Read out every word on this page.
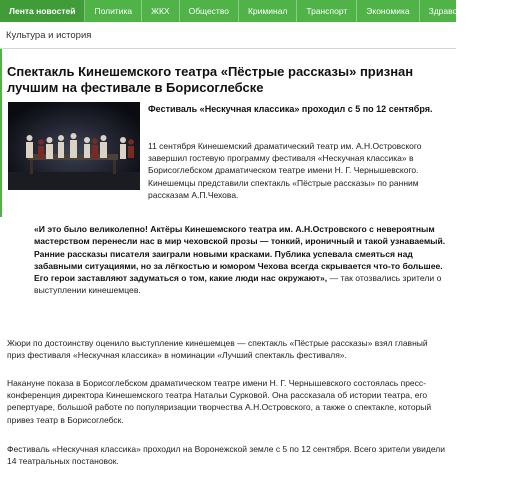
Лента новостей	Политика	ЖКХ	Общество	Криминал	Транспорт	Экономика	Здравоохранение
Культура и история
Спектакль Кинешемского театра «Пёстрые рассказы» признан лучшим на фестивале в Борисоглебске

Фестиваль «Нескучная классика» проходил с 5 по 12 сентября.

11 сентября Кинешемский драматический театр им. А.Н.Островского завершил гостевую программу фестиваля «Нескучная классика» в Борисоглебском драматическом театре имени Н. Г. Чернышевского. Кинешемцы представили спектакль «Пёстрые рассказы» по ранним рассказам А.П.Чехова.

«И это было великолепно! Актёры Кинешемского театра им. А.Н.Островского с невероятным мастерством перенесли нас в мир чеховской прозы — тонкий, ироничный и такой узнаваемый. Ранние рассказы писателя заиграли новыми красками. Публика успевала смеяться над забавными ситуациями, но за лёгкостью и юмором Чехова всегда скрывается что-то большее. Его герои заставляют задуматься о том, какие люди нас окружают», — так отозвались зрители о выступлении кинешемцев.

Жюри по достоинству оценило выступление кинешемцев — спектакль «Пёстрые рассказы» взял главный приз фестиваля «Нескучная классика» в номинации «Лучший спектакль фестиваля».

Накануне показа в Борисоглебском драматическом театре имени Н. Г. Чернышевского состоялась пресс-конференция директора Кинешемского театра Натальи Сурковой. Она рассказала об истории театра, его репертуаре, большой работе по популяризации творчества А.Н.Островского, а также о спектакле, который привез театр в Борисоглебск.

Фестиваль «Нескучная классика» проходил на Воронежской земле с 5 по 12 сентября. Всего зрители увидели 14 театральных постановок.
